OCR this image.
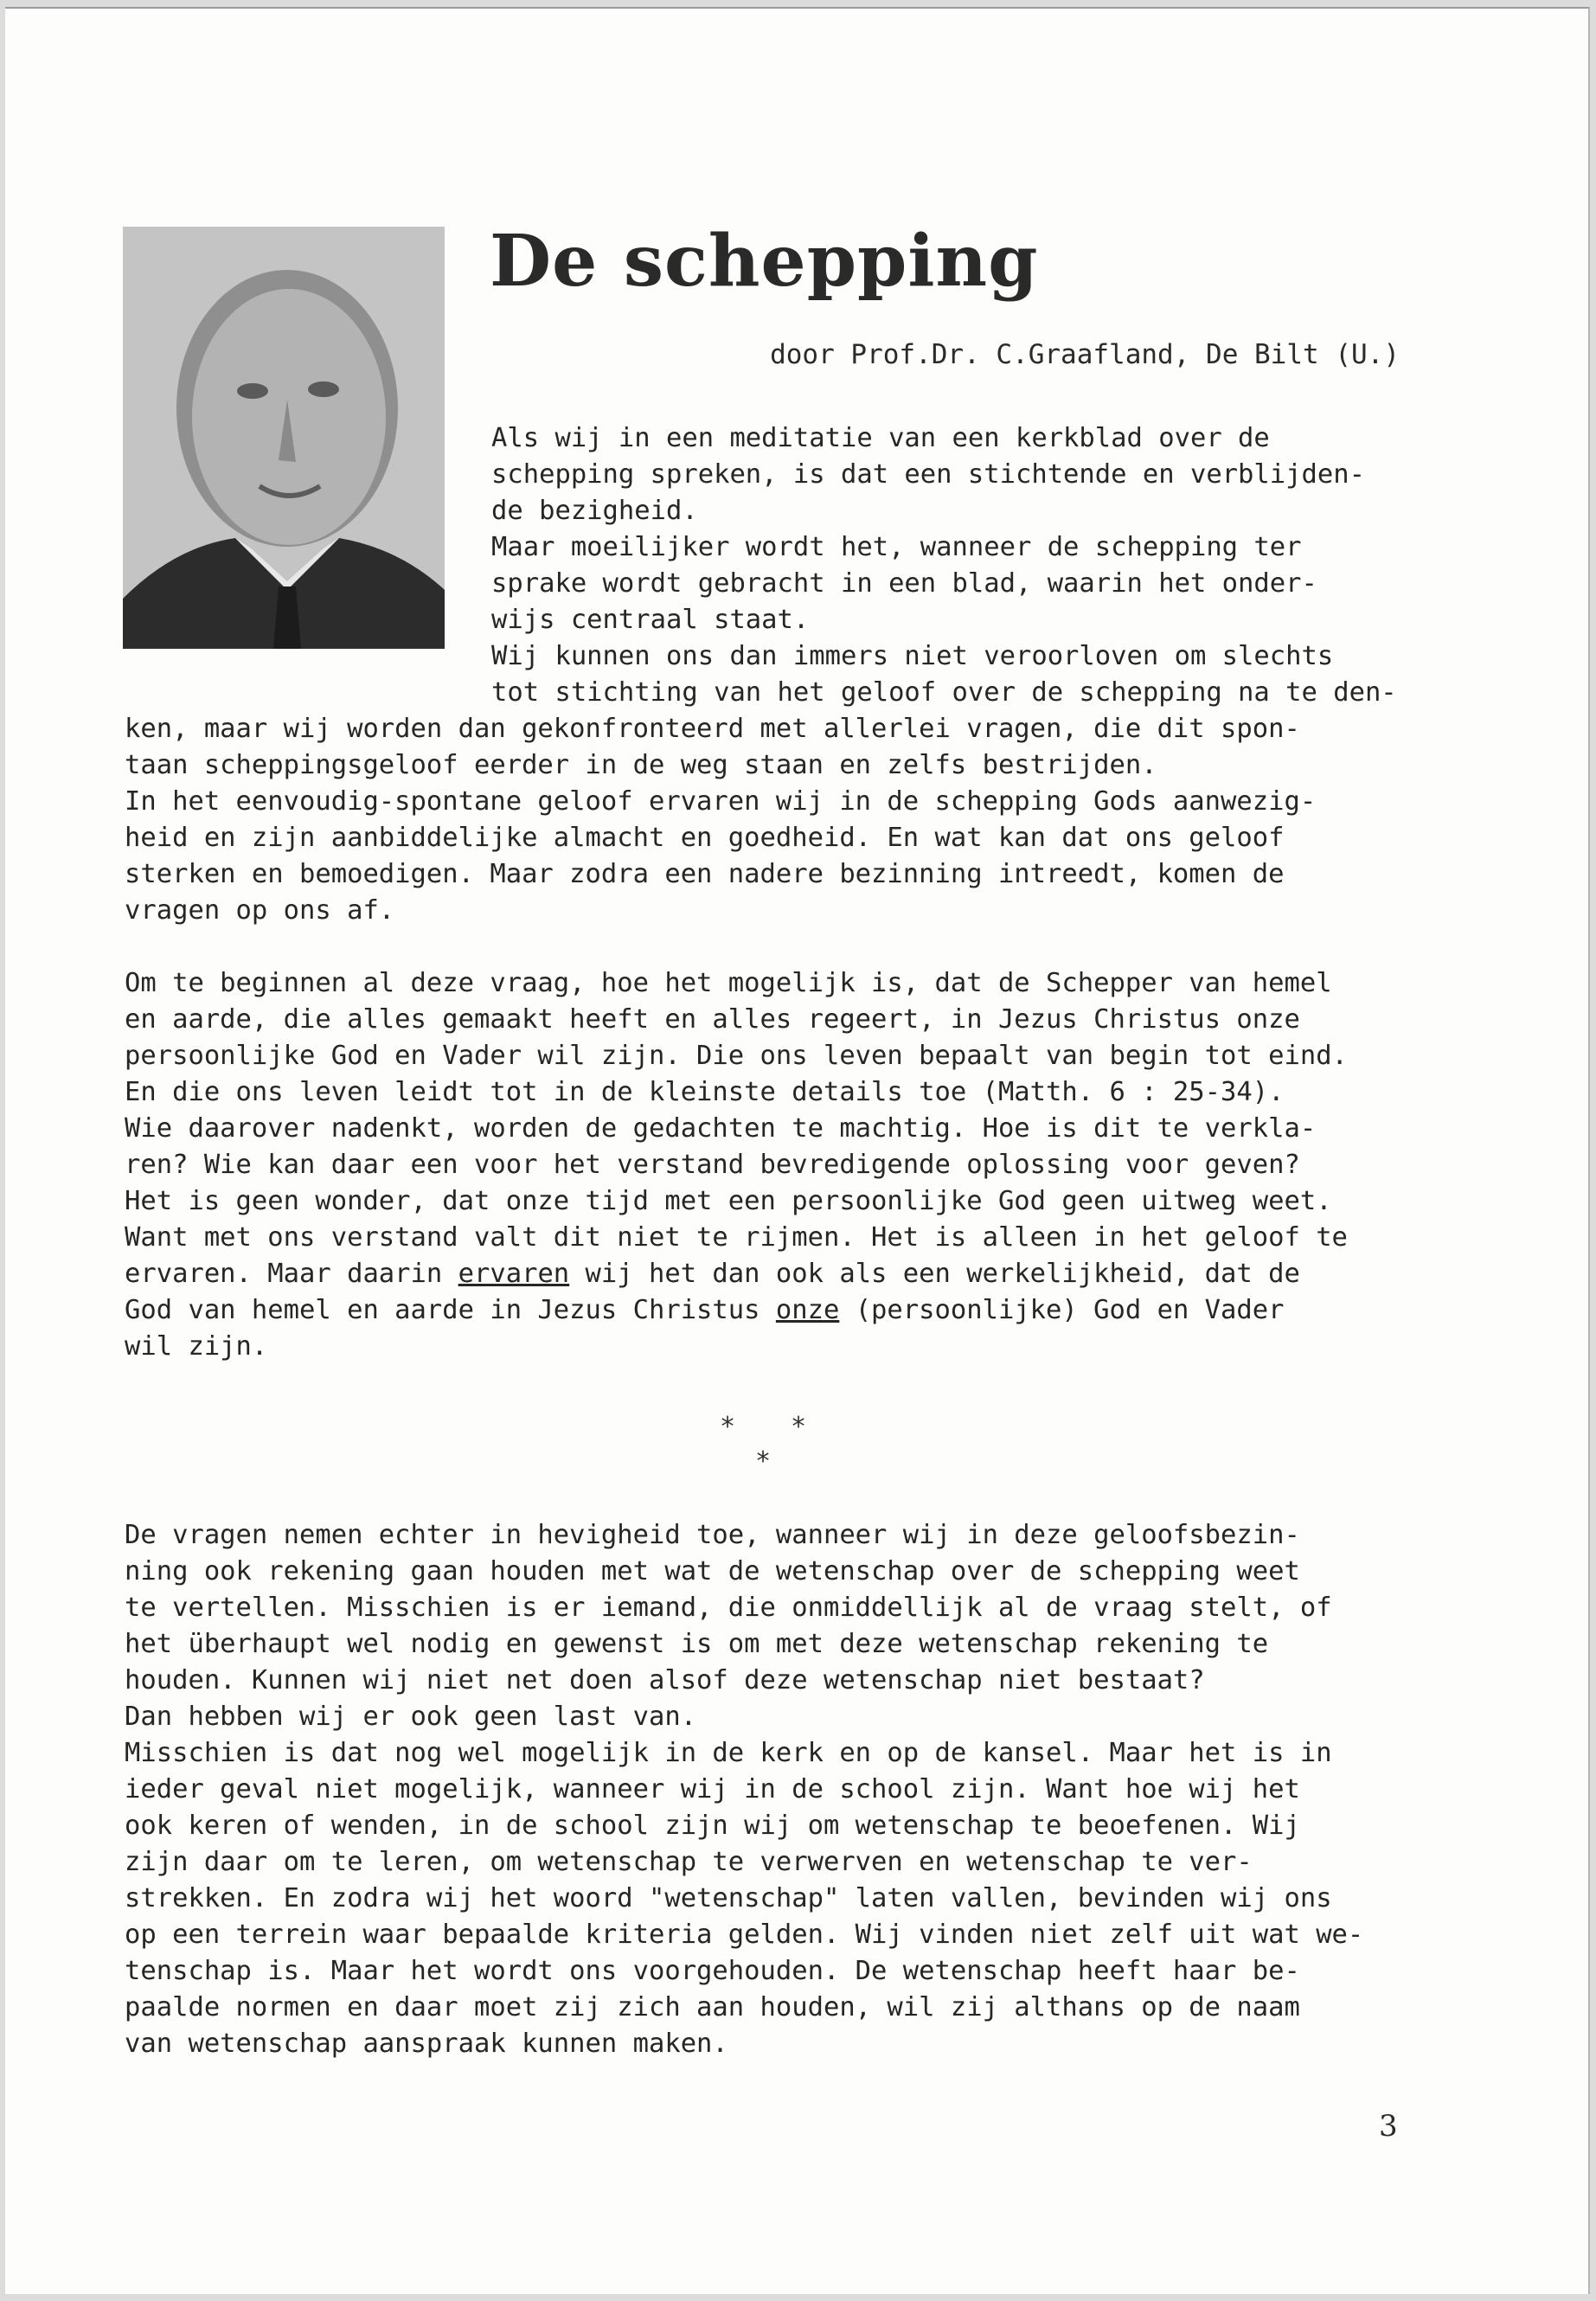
De schepping
door Prof.Dr. C.Graafland, De Bilt (U.)
Als wij in een meditatie van een kerkblad over de
schepping spreken, is dat een stichtende en verblijden-
de bezigheid.
Maar moeilijker wordt het, wanneer de schepping ter
sprake wordt gebracht in een blad, waarin het onder-
wijs centraal staat.
Wij kunnen ons dan immers niet veroorloven om slechts
tot stichting van het geloof over de schepping na te den-
ken, maar wij worden dan gekonfronteerd met allerlei vragen, die dit spon-
taan scheppingsgeloof eerder in de weg staan en zelfs bestrijden.
In het eenvoudig-spontane geloof ervaren wij in de schepping Gods aanwezig-
heid en zijn aanbiddelijke almacht en goedheid. En wat kan dat ons geloof
sterken en bemoedigen. Maar zodra een nadere bezinning intreedt, komen de
vragen op ons af.
Om te beginnen al deze vraag, hoe het mogelijk is, dat de Schepper van hemel
en aarde, die alles gemaakt heeft en alles regeert, in Jezus Christus onze
persoonlijke God en Vader wil zijn. Die ons leven bepaalt van begin tot eind.
En die ons leven leidt tot in de kleinste details toe (Matth. 6 : 25-34).
Wie daarover nadenkt, worden de gedachten te machtig. Hoe is dit te verkla-
ren? Wie kan daar een voor het verstand bevredigende oplossing voor geven?
Het is geen wonder, dat onze tijd met een persoonlijke God geen uitweg weet.
Want met ons verstand valt dit niet te rijmen. Het is alleen in het geloof te
ervaren. Maar daarin ervaren wij het dan ook als een werkelijkheid, dat de
God van hemel en aarde in Jezus Christus onze (persoonlijke) God en Vader
wil zijn.
* *
*
De vragen nemen echter in hevigheid toe, wanneer wij in deze geloofsbezin-
ning ook rekening gaan houden met wat de wetenschap over de schepping weet
te vertellen. Misschien is er iemand, die onmiddellijk al de vraag stelt, of
het überhaupt wel nodig en gewenst is om met deze wetenschap rekening te
houden. Kunnen wij niet net doen alsof deze wetenschap niet bestaat?
Dan hebben wij er ook geen last van.
Misschien is dat nog wel mogelijk in de kerk en op de kansel. Maar het is in
ieder geval niet mogelijk, wanneer wij in de school zijn. Want hoe wij het
ook keren of wenden, in de school zijn wij om wetenschap te beoefenen. Wij
zijn daar om te leren, om wetenschap te verwerven en wetenschap te ver-
strekken. En zodra wij het woord "wetenschap" laten vallen, bevinden wij ons
op een terrein waar bepaalde kriteria gelden. Wij vinden niet zelf uit wat we-
tenschap is. Maar het wordt ons voorgehouden. De wetenschap heeft haar be-
paalde normen en daar moet zij zich aan houden, wil zij althans op de naam
van wetenschap aanspraak kunnen maken.
3
